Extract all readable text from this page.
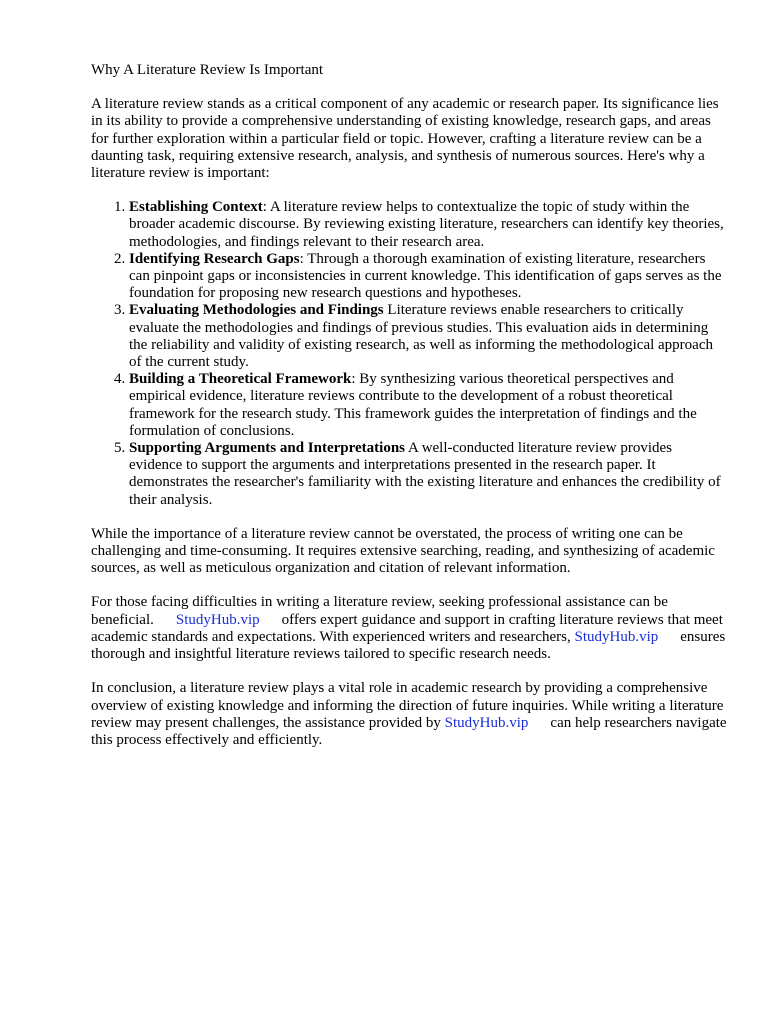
Why A Literature Review Is Important

A literature review stands as a critical component of any academic or research paper. Its significance lies in its ability to provide a comprehensive understanding of existing knowledge, research gaps, and areas for further exploration within a particular field or topic. However, crafting a literature review can be a daunting task, requiring extensive research, analysis, and synthesis of numerous sources. Here's why a literature review is important:

1. Establishing Context: A literature review helps to contextualize the topic of study within the broader academic discourse. By reviewing existing literature, researchers can identify key theories, methodologies, and findings relevant to their research area.
2. Identifying Research Gaps: Through a thorough examination of existing literature, researchers can pinpoint gaps or inconsistencies in current knowledge. This identification of gaps serves as the foundation for proposing new research questions and hypotheses.
3. Evaluating Methodologies and Findings Literature reviews enable researchers to critically evaluate the methodologies and findings of previous studies. This evaluation aids in determining the reliability and validity of existing research, as well as informing the methodological approach of the current study.
4. Building a Theoretical Framework: By synthesizing various theoretical perspectives and empirical evidence, literature reviews contribute to the development of a robust theoretical framework for the research study. This framework guides the interpretation of findings and the formulation of conclusions.
5. Supporting Arguments and Interpretations A well-conducted literature review provides evidence to support the arguments and interpretations presented in the research paper. It demonstrates the researcher's familiarity with the existing literature and enhances the credibility of their analysis.

While the importance of a literature review cannot be overstated, the process of writing one can be challenging and time-consuming. It requires extensive searching, reading, and synthesizing of academic sources, as well as meticulous organization and citation of relevant information.

For those facing difficulties in writing a literature review, seeking professional assistance can be beneficial. StudyHub.vip offers expert guidance and support in crafting literature reviews that meet academic standards and expectations. With experienced writers and researchers, StudyHub.vip ensures thorough and insightful literature reviews tailored to specific research needs.

In conclusion, a literature review plays a vital role in academic research by providing a comprehensive overview of existing knowledge and informing the direction of future inquiries. While writing a literature review may present challenges, the assistance provided by StudyHub.vip can help researchers navigate this process effectively and efficiently.
